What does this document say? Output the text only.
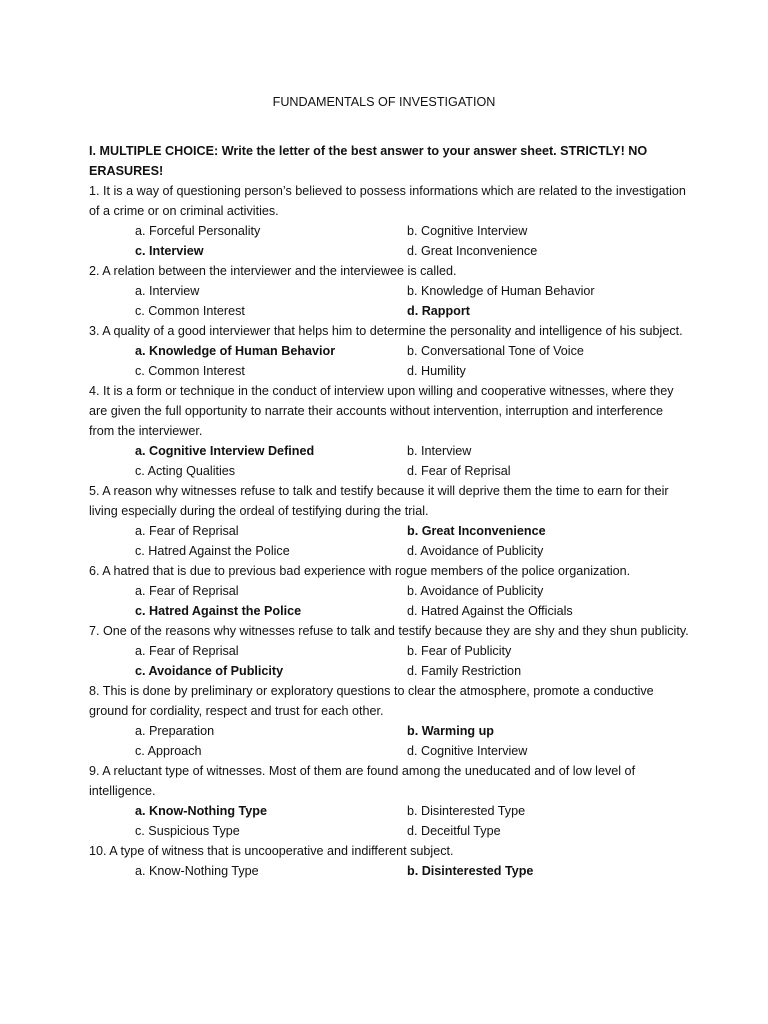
FUNDAMENTALS OF INVESTIGATION
I. MULTIPLE CHOICE: Write the letter of the best answer to your answer sheet. STRICTLY! NO ERASURES!
1. It is a way of questioning person’s believed to possess informations which are related to the investigation of a crime or on criminal activities.
a. Forceful Personality	b. Cognitive Interview
c. Interview	d. Great Inconvenience
2. A relation between the interviewer and the interviewee is called.
a. Interview	b. Knowledge of Human Behavior
c. Common Interest	d. Rapport
3. A quality of a good interviewer that helps him to determine the personality and intelligence of his subject.
a. Knowledge of Human Behavior	b. Conversational Tone of Voice
c. Common Interest	d. Humility
4. It is a form or technique in the conduct of interview upon willing and cooperative witnesses, where they are given the full opportunity to narrate their accounts without intervention, interruption and interference from the interviewer.
a. Cognitive Interview Defined	b. Interview
c. Acting Qualities	d. Fear of Reprisal
5. A reason why witnesses refuse to talk and testify because it will deprive them the time to earn for their living especially during the ordeal of testifying during the trial.
a. Fear of Reprisal	b. Great Inconvenience
c. Hatred Against the Police	d. Avoidance of Publicity
6. A hatred that is due to previous bad experience with rogue members of the police organization.
a. Fear of Reprisal	b. Avoidance of Publicity
c. Hatred Against the Police	d. Hatred Against the Officials
7. One of the reasons why witnesses refuse to talk and testify because they are shy and they shun publicity.
a. Fear of Reprisal	b. Fear of Publicity
c. Avoidance of Publicity	d. Family Restriction
8. This is done by preliminary or exploratory questions to clear the atmosphere, promote a conductive ground for cordiality, respect and trust for each other.
a. Preparation	b. Warming up
c. Approach	d. Cognitive Interview
9. A reluctant type of witnesses. Most of them are found among the uneducated and of low level of intelligence.
a. Know-Nothing Type	b. Disinterested Type
c. Suspicious Type	d. Deceitful Type
10. A type of witness that is uncooperative and indifferent subject.
a. Know-Nothing Type	b. Disinterested Type
